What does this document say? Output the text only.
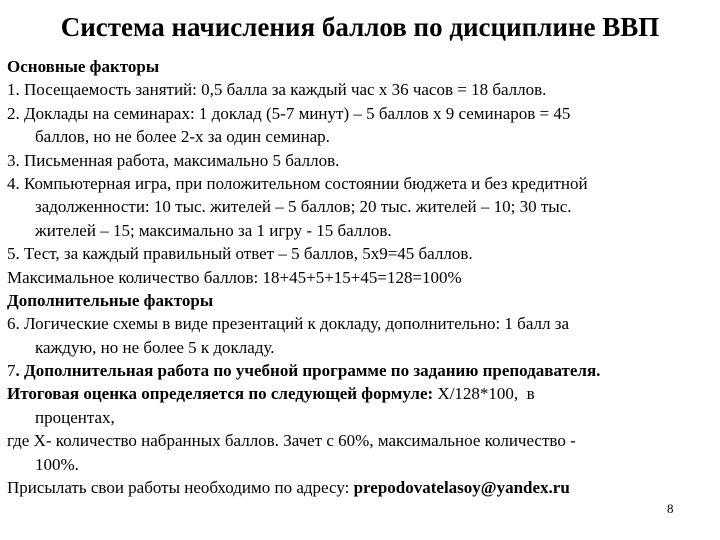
Система начисления баллов по дисциплине ВВП
Основные факторы
1. Посещаемость занятий: 0,5 балла за каждый час х 36 часов = 18 баллов.
2. Доклады на семинарах: 1 доклад (5-7 минут) – 5 баллов х 9 семинаров = 45
баллов, но не более 2-х за один семинар.
3. Письменная работа, максимально 5 баллов.
4. Компьютерная игра, при положительном состоянии бюджета и без кредитной
задолженности: 10 тыс. жителей – 5 баллов; 20 тыс. жителей – 10; 30 тыс.
жителей – 15; максимально за 1 игру - 15 баллов.
5. Тест, за каждый правильный ответ – 5 баллов, 5х9=45 баллов.
Максимальное количество баллов: 18+45+5+15+45=128=100%
Дополнительные факторы
6. Логические схемы в виде презентаций к докладу, дополнительно: 1 балл за
каждую, но не более 5 к докладу.
7. Дополнительная работа по учебной программе по заданию преподавателя.
Итоговая оценка определяется по следующей формуле: Х/128*100,  в
процентах,
где Х- количество набранных баллов. Зачет с 60%, максимальное количество -
100%.
Присылать свои работы необходимо по адресу: prepodovatelasoy@yandex.ru
8
